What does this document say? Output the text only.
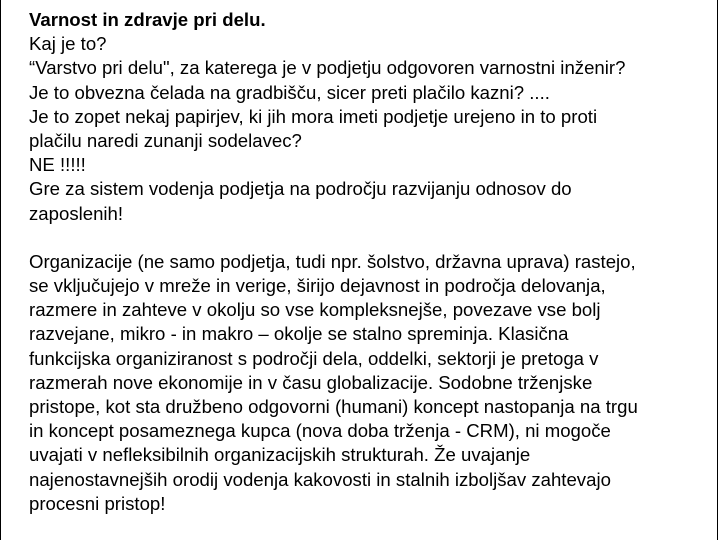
Varnost in zdravje pri delu.
Kaj je to?
“Varstvo pri delu", za katerega je v podjetju odgovoren varnostni inženir?
Je to obvezna čelada na gradbišču, sicer preti plačilo kazni? ....
Je to zopet nekaj papirjev, ki jih mora imeti podjetje urejeno in to proti
plačilu naredi zunanji sodelavec?
NE !!!!!
Gre za sistem vodenja podjetja na področju razvijanju odnosov do
zaposlenih!
Organizacije (ne samo podjetja, tudi npr. šolstvo, državna uprava) rastejo,
se vključujejo v mreže in verige, širijo dejavnost in področja delovanja,
razmere in zahteve v okolju so vse kompleksnejše, povezave vse bolj
razvejane, mikro - in makro – okolje se stalno spreminja. Klasična
funkcijska organiziranost s področji dela, oddelki, sektorji je pretoga v
razmerah nove ekonomije in v času globalizacije. Sodobne trženjske
pristope, kot sta družbeno odgovorni (humani) koncept nastopanja na trgu
in koncept posameznega kupca (nova doba trženja - CRM), ni mogoče
uvajati v nefleksibilnih organizacijskih strukturah. Že uvajanje
najenostavnejših orodij vodenja kakovosti in stalnih izboljšav zahtevajo
procesni pristop!
